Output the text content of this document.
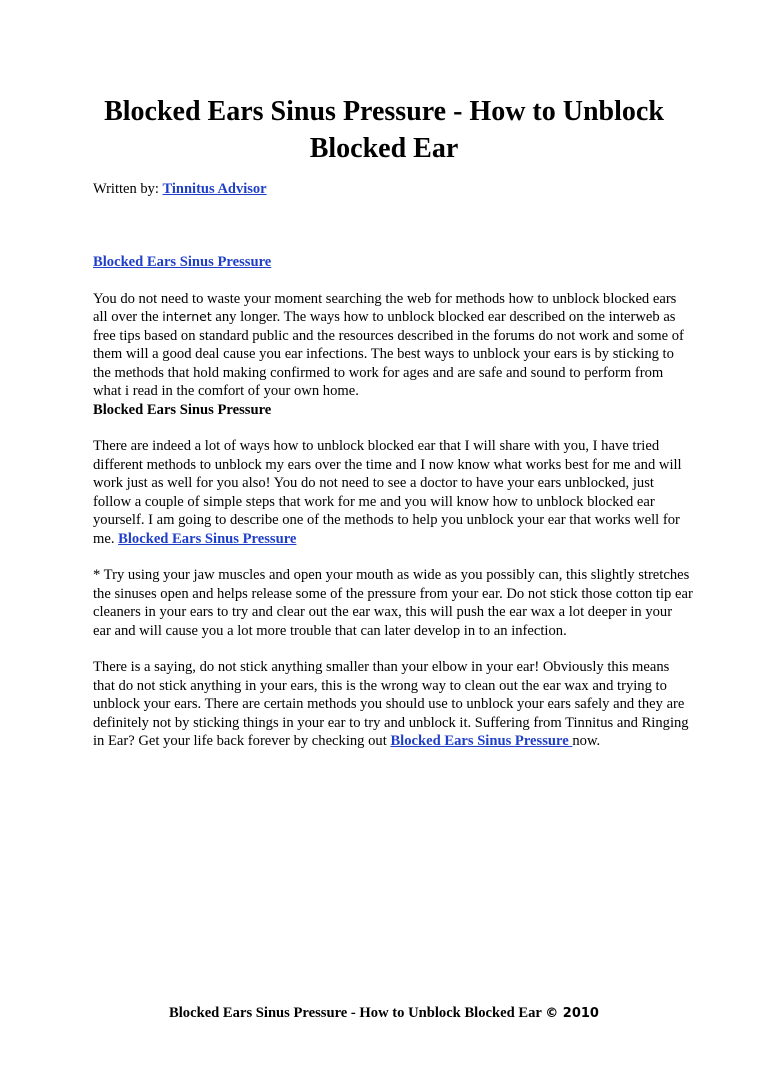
Blocked Ears Sinus Pressure - How to Unblock Blocked Ear

Written by: Tinnitus Advisor

Blocked Ears Sinus Pressure

You do not need to waste your moment searching the web for methods how to unblock blocked ears all over the internet any longer. The ways how to unblock blocked ear described on the interweb as free tips based on standard public and the resources described in the forums do not work and some of them will a good deal cause you ear infections. The best ways to unblock your ears is by sticking to the methods that hold making confirmed to work for ages and are safe and sound to perform from what i read in the comfort of your own home.
Blocked Ears Sinus Pressure

There are indeed a lot of ways how to unblock blocked ear that I will share with you, I have tried different methods to unblock my ears over the time and I now know what works best for me and will work just as well for you also! You do not need to see a doctor to have your ears unblocked, just follow a couple of simple steps that work for me and you will know how to unblock blocked ear yourself. I am going to describe one of the methods to help you unblock your ear that works well for me. Blocked Ears Sinus Pressure

* Try using your jaw muscles and open your mouth as wide as you possibly can, this slightly stretches the sinuses open and helps release some of the pressure from your ear. Do not stick those cotton tip ear cleaners in your ears to try and clear out the ear wax, this will push the ear wax a lot deeper in your ear and will cause you a lot more trouble that can later develop in to an infection.

There is a saying, do not stick anything smaller than your elbow in your ear! Obviously this means that do not stick anything in your ears, this is the wrong way to clean out the ear wax and trying to unblock your ears. There are certain methods you should use to unblock your ears safely and they are definitely not by sticking things in your ear to try and unblock it. Suffering from Tinnitus and Ringing in Ear? Get your life back forever by checking out Blocked Ears Sinus Pressure now.

Blocked Ears Sinus Pressure - How to Unblock Blocked Ear © 2010
